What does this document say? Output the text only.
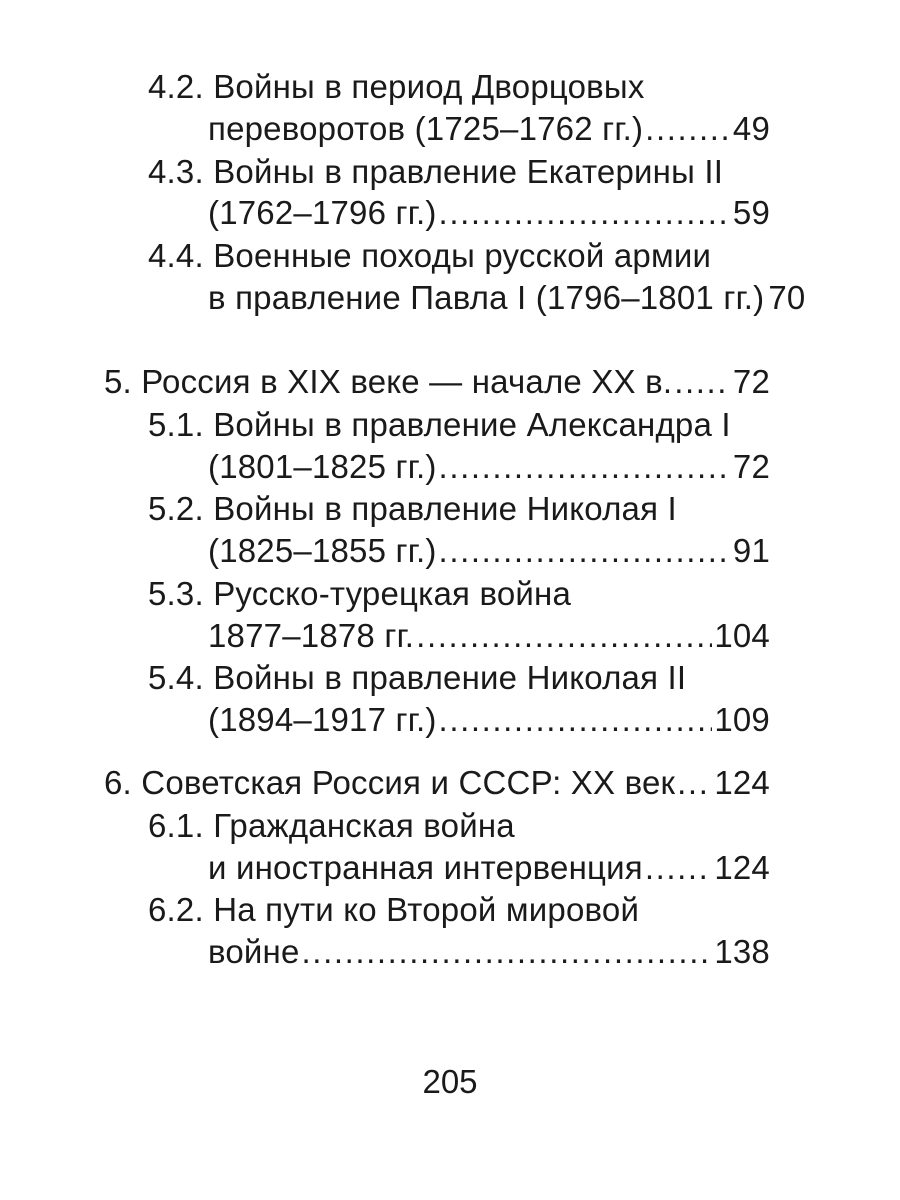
4.2. Войны в период Дворцовых
переворотов (1725–1762 гг.) .....	49
4.3. Войны в правление Екатерины II
(1762–1796 гг.) .....	59
4.4. Военные походы русской армии
в правление Павла I (1796–1801 гг.) 70
5. Россия в XIX веке — начале XX в. ..... 72
5.1. Войны в правление Александра I
(1801–1825 гг.) .....	72
5.2. Войны в правление Николая I
(1825–1855 гг.) .....	91
5.3. Русско-турецкая война
1877–1878 гг. .....	104
5.4. Войны в правление Николая II
(1894–1917 гг.) .....	109
6. Советская Россия и СССР: XX век ..... 124
6.1. Гражданская война
и иностранная интервенция ..... 124
6.2. На пути ко Второй мировой
войне .....	138
205
